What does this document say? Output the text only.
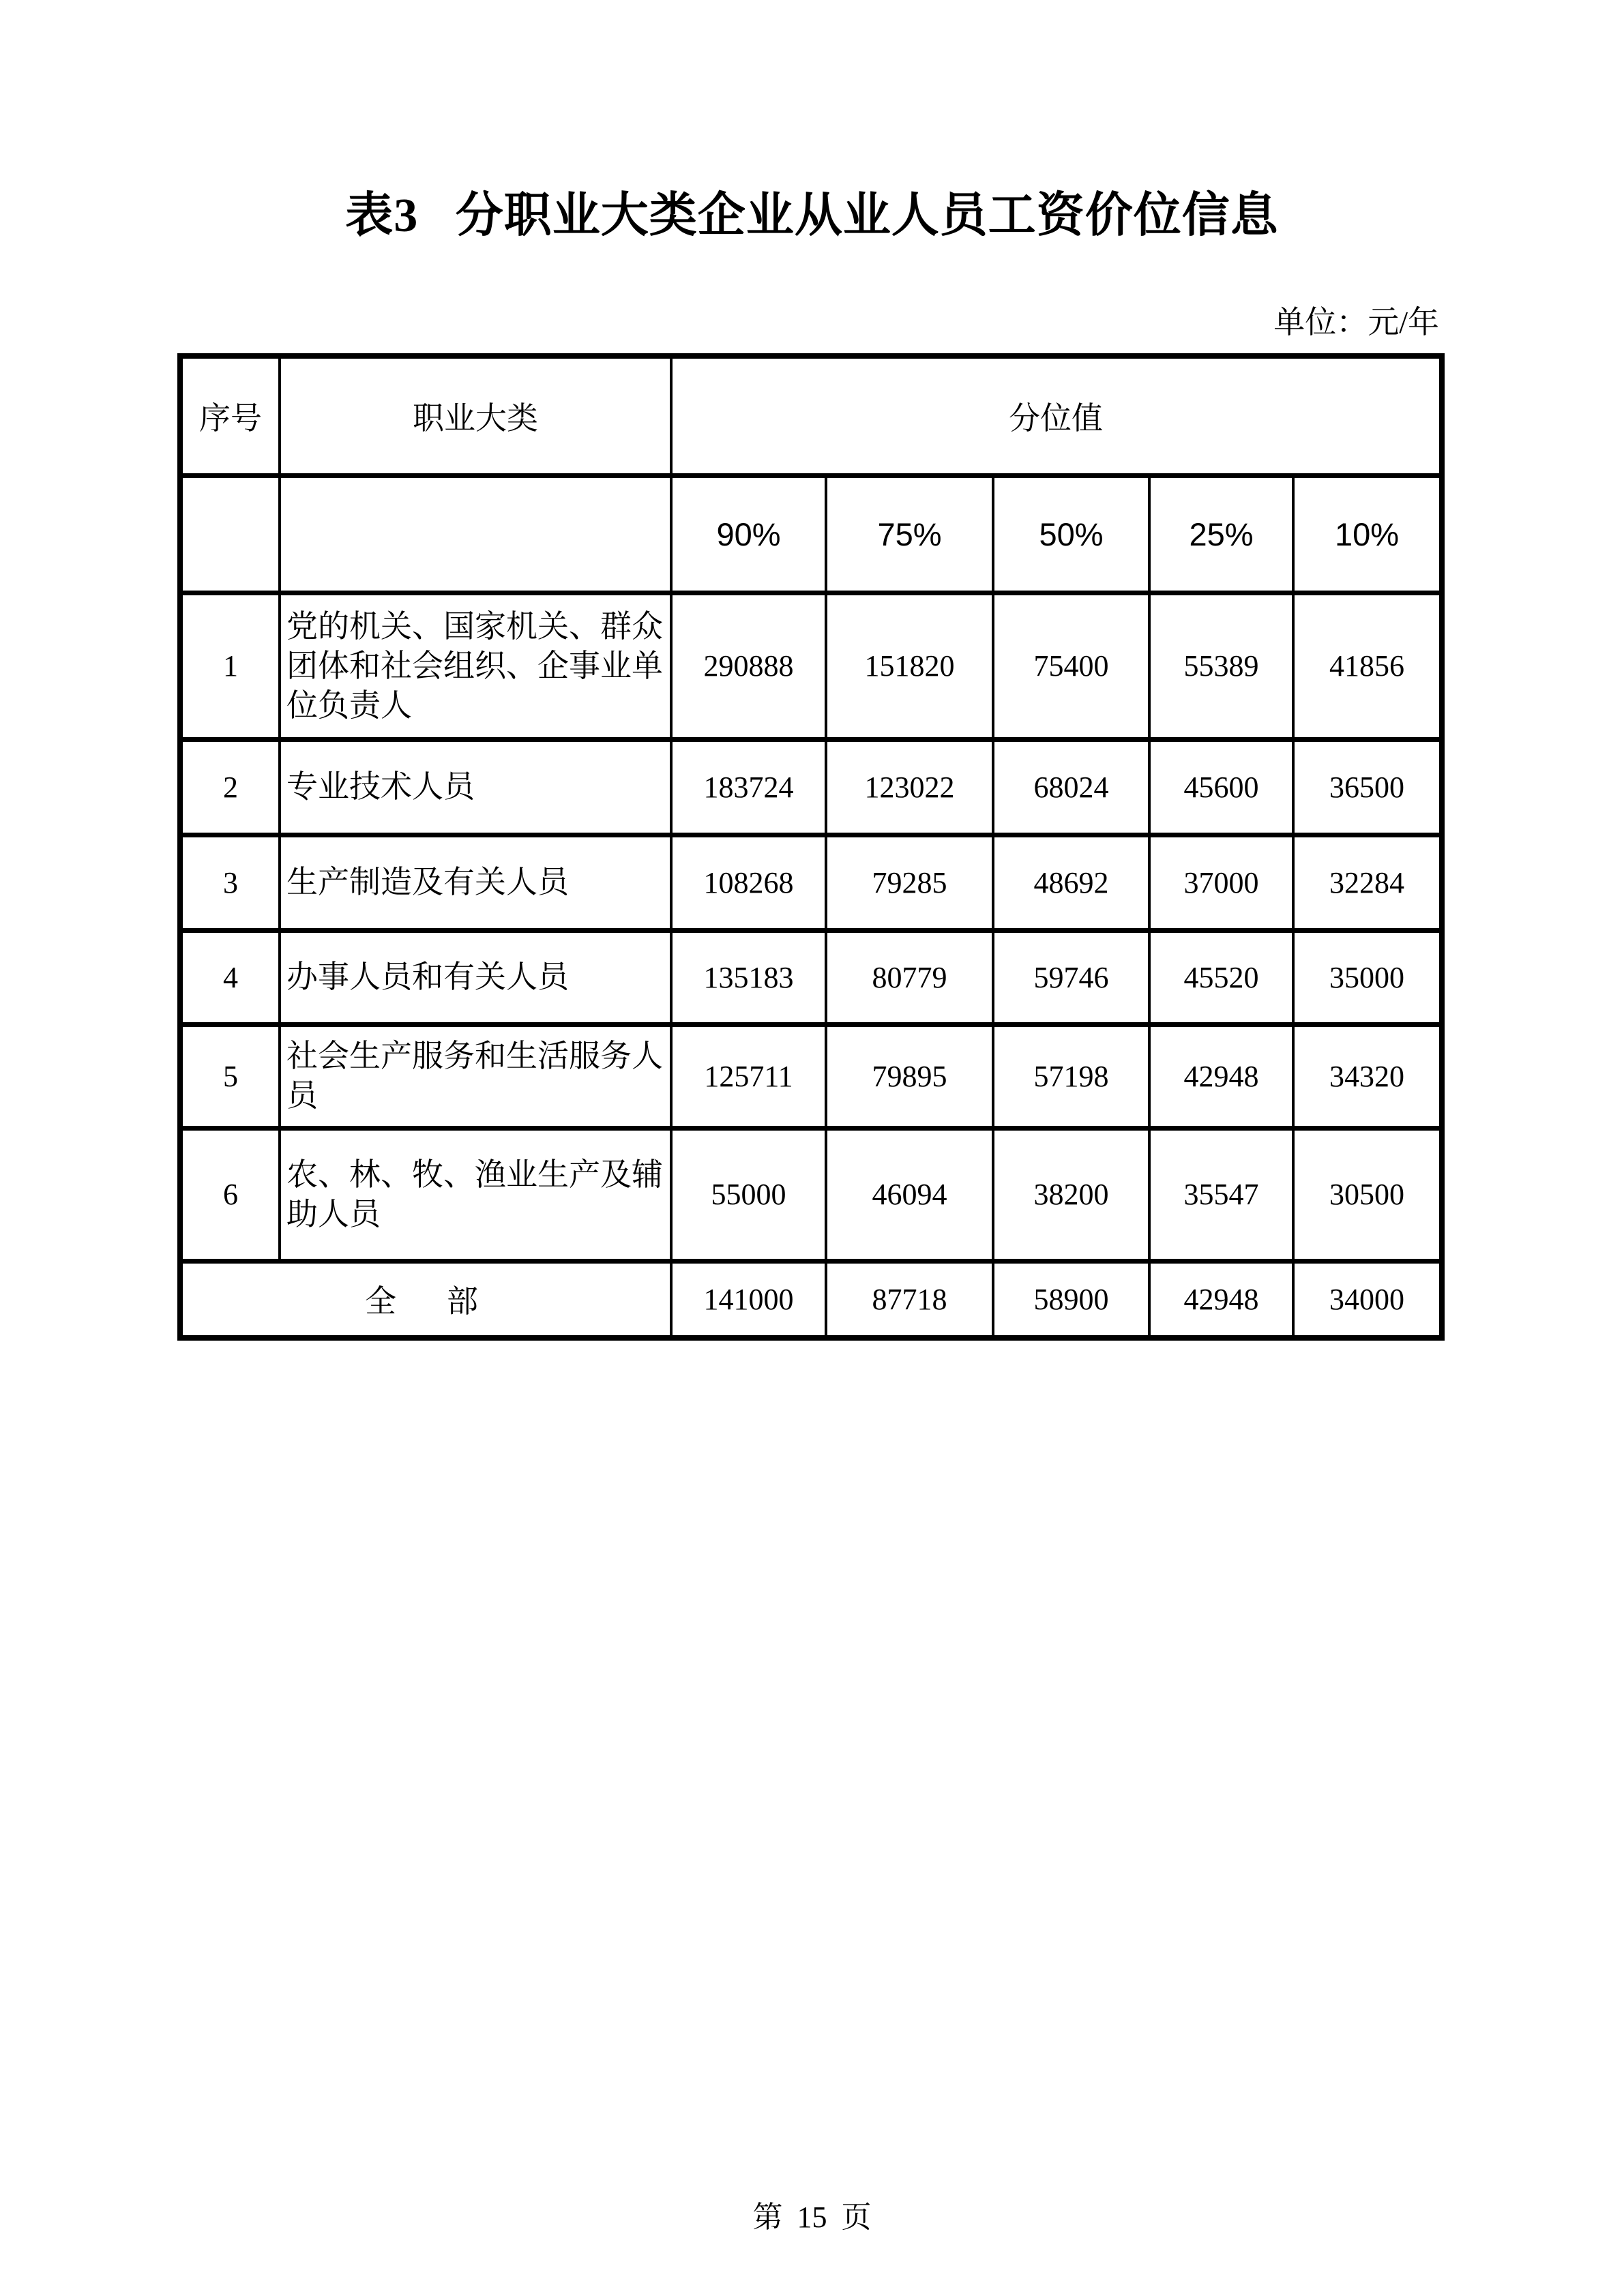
表3 分职业大类企业从业人员工资价位信息
单位：元/年
序号	职业大类	分位值				
		90%	75%	50%	25%	10%
1	党的机关、国家机关、群众团体和社会组织、企事业单位负责人	290888	151820	75400	55389	41856
2	专业技术人员	183724	123022	68024	45600	36500
3	生产制造及有关人员	108268	79285	48692	37000	32284
4	办事人员和有关人员	135183	80779	59746	45520	35000
5	社会生产服务和生活服务人员	125711	79895	57198	42948	34320
6	农、林、牧、渔业生产及辅助人员	55000	46094	38200	35547	30500
全　部		141000	87718	58900	42948	34000
第 15 页
